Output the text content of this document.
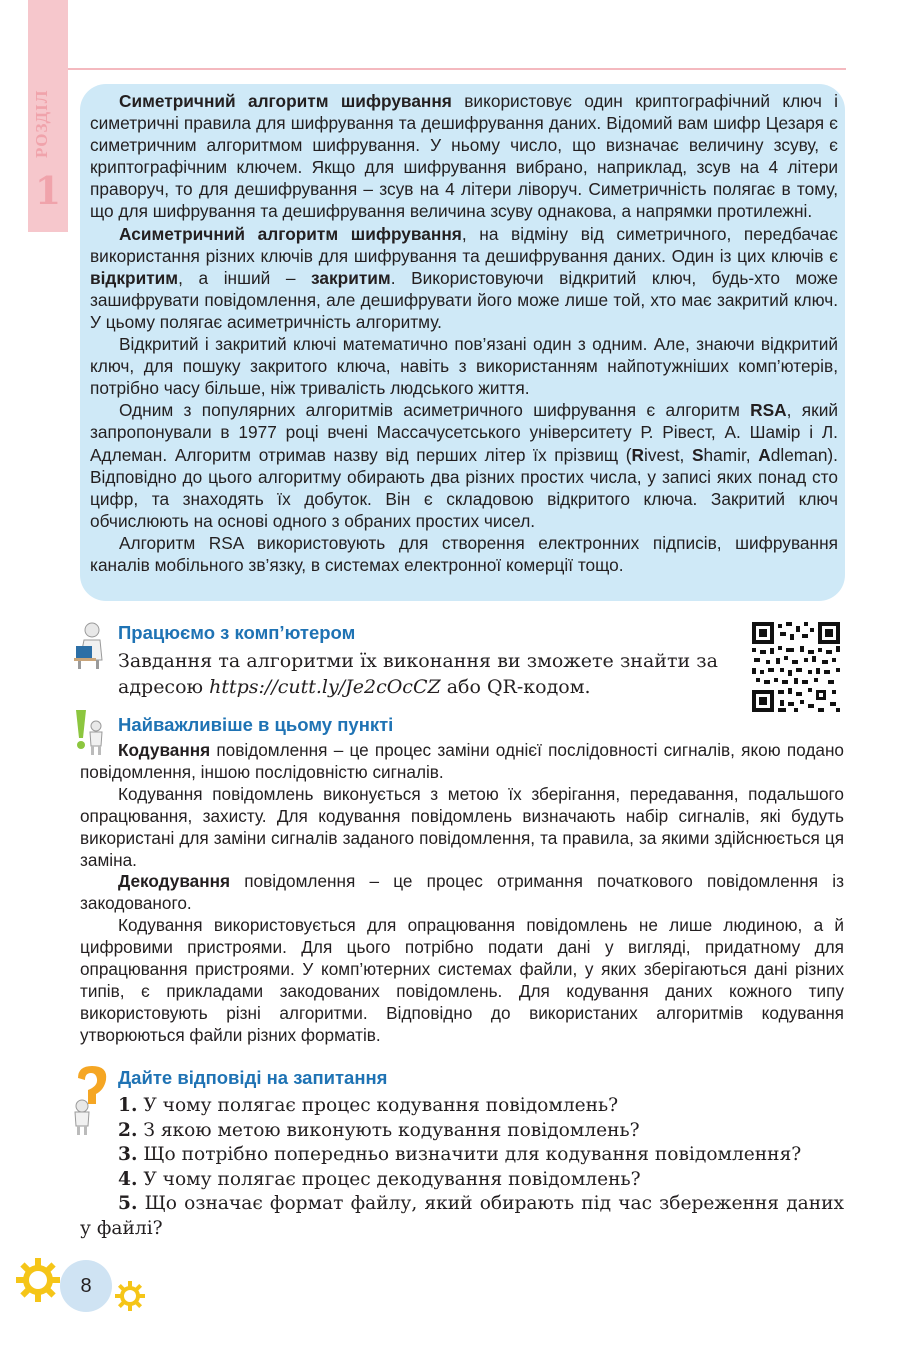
РОЗДІЛ
1

Симетричний алгоритм шифрування використовує один криптографічний ключ і симетричні правила для шифрування та дешифрування даних. Відомий вам шифр Цезаря є симетричним алгоритмом шифрування. У ньому число, що визначає величину зсуву, є криптографічним ключем. Якщо для шифрування вибрано, наприклад, зсув на 4 літери праворуч, то для дешифрування – зсув на 4 літери ліворуч. Симетричність полягає в тому, що для шифрування та дешифрування величина зсуву однакова, а напрямки протилежні.

Асиметричний алгоритм шифрування, на відміну від симетричного, передбачає використання різних ключів для шифрування та дешифрування даних. Один із цих ключів є відкритим, а інший – закритим. Використовуючи відкритий ключ, будь-хто може зашифрувати повідомлення, але дешифрувати його може лише той, хто має закритий ключ. У цьому полягає асиметричність алгоритму.

Відкритий і закритий ключі математично пов’язані один з одним. Але, знаючи відкритий ключ, для пошуку закритого ключа, навіть з використанням найпотужніших комп’ютерів, потрібно часу більше, ніж тривалість людського життя.

Одним з популярних алгоритмів асиметричного шифрування є алгоритм RSA, який запропонували в 1977 році вчені Массачусетського університету Р. Рівест, А. Шамір і Л. Адлеман. Алгоритм отримав назву від перших літер їх прізвищ (Rivest, Shamir, Adleman). Відповідно до цього алгоритму обирають два різних простих числа, у записі яких понад сто цифр, та знаходять їх добуток. Він є складовою відкритого ключа. Закритий ключ обчислюють на основі одного з обраних простих чисел.

Алгоритм RSA використовують для створення електронних підписів, шифрування каналів мобільного зв’язку, в системах електронної комерції тощо.

Працюємо з комп’ютером
Завдання та алгоритми їх виконання ви зможете знайти за адресою https://cutt.ly/Je2cOcCZ або QR-кодом.
Найважливіше в цьому пункті

Кодування повідомлення – це процес заміни однієї послідовності сигналів, якою подано повідомлення, іншою послідовністю сигналів.

Кодування повідомлень виконується з метою їх зберігання, передавання, подальшого опрацювання, захисту. Для кодування повідомлень визначають набір сигналів, які будуть використані для заміни сигналів заданого повідомлення, та правила, за якими здійснюється ця заміна.

Декодування повідомлення – це процес отримання початкового повідомлення із закодованого.

Кодування використовується для опрацювання повідомлень не лише людиною, а й цифровими пристроями. Для цього потрібно подати дані у вигляді, придатному для опрацювання пристроями. У комп’ютерних системах файли, у яких зберігаються дані різних типів, є прикладами закодованих повідомлень. Для кодування даних кожного типу використовують різні алгоритми. Відповідно до використаних алгоритмів кодування утворюються файли різних форматів.

Дайте відповіді на запитання

1. У чому полягає процес кодування повідомлень?

2. З якою метою виконують кодування повідомлень?

3. Що потрібно попередньо визначити для кодування повідомлення?

4. У чому полягає процес декодування повідомлень?

5. Що означає формат файлу, який обирають під час збереження даних у файлі?

8
